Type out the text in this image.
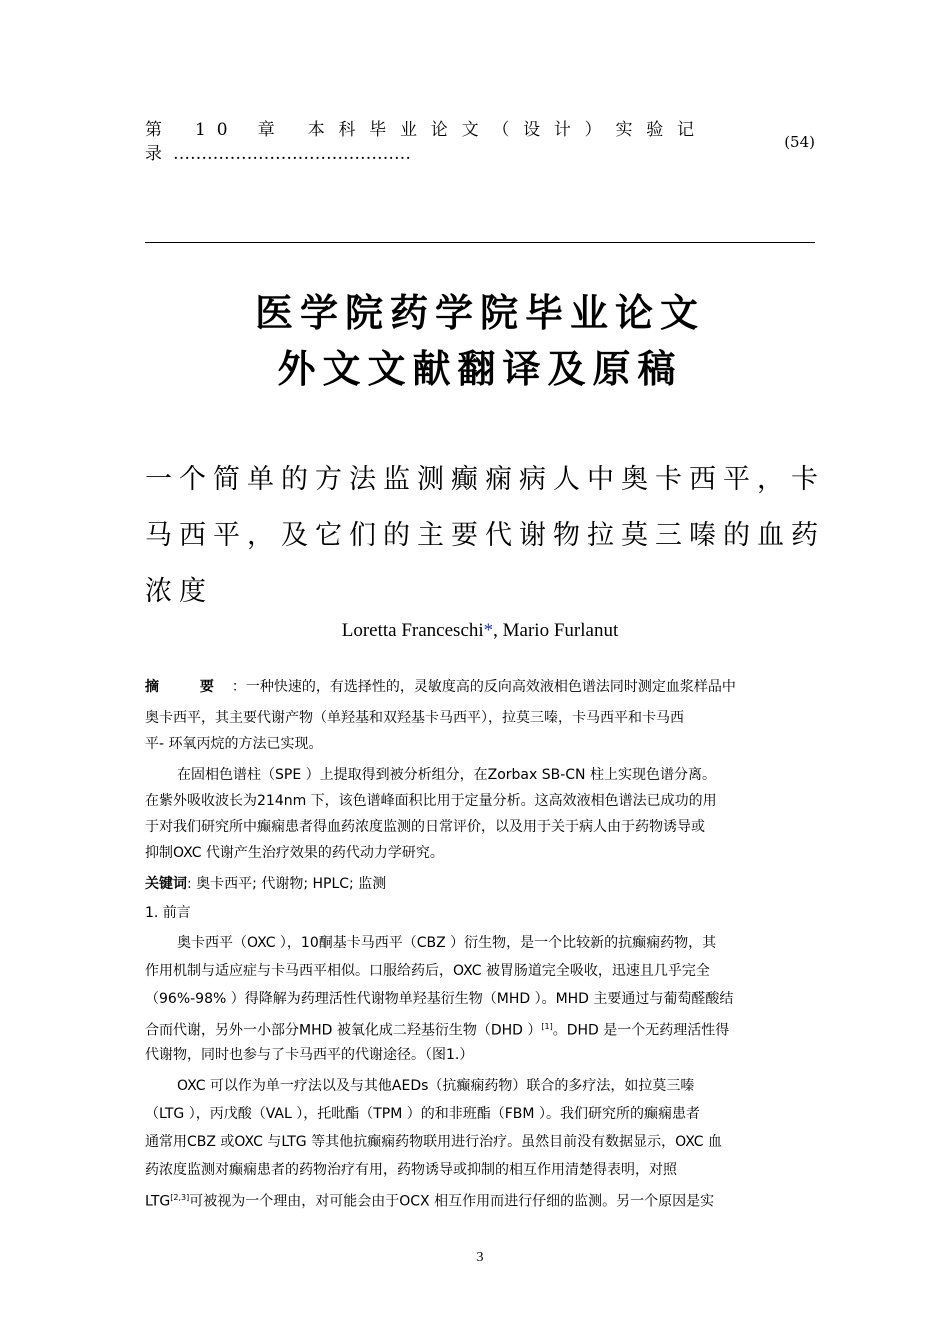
第 10 章 本科毕业论文（设计）实验记录……………………………………
(54)
医学院药学院毕业论文
外文文献翻译及原稿
一个简单的方法监测癫痫病人中奥卡西平，卡
马西平，及它们的主要代谢物拉莫三嗪的血药
浓度
Loretta Franceschi*, Mario Furlanut
摘 要：一种快速的，有选择性的，灵敏度高的反向高效液相色谱法同时测定血浆样品中
奥卡西平，其主要代谢产物（单羟基和双羟基卡马西平），拉莫三嗪，卡马西平和卡马西
平- 环氧丙烷的方法已实现。
在固相色谱柱（SPE ）上提取得到被分析组分，在Zorbax SB-CN 柱上实现色谱分离。
在紫外吸收波长为214nm 下，该色谱峰面积比用于定量分析。这高效液相色谱法已成功的用
于对我们研究所中癫痫患者得血药浓度监测的日常评价，以及用于关于病人由于药物诱导或
抑制OXC 代谢产生治疗效果的药代动力学研究。
关键词: 奥卡西平; 代谢物; HPLC; 监测
1. 前言
奥卡西平（OXC ），10酮基卡马西平（CBZ ）衍生物，是一个比较新的抗癫痫药物，其
作用机制与适应症与卡马西平相似。口服给药后，OXC 被胃肠道完全吸收，迅速且几乎完全
（96%-98% ）得降解为药理活性代谢物单羟基衍生物（MHD ）。MHD 主要通过与葡萄醛酸结
合而代谢，另外一小部分MHD 被氧化成二羟基衍生物（DHD ）[1]。DHD 是一个无药理活性得
代谢物，同时也参与了卡马西平的代谢途径。（图1.）
OXC 可以作为单一疗法以及与其他AEDs（抗癫痫药物）联合的多疗法，如拉莫三嗪
（LTG ），丙戊酸（VAL ），托吡酯（TPM ）的和非班酯（FBM ）。我们研究所的癫痫患者
通常用CBZ 或OXC 与LTG 等其他抗癫痫药物联用进行治疗。虽然目前没有数据显示，OXC 血
药浓度监测对癫痫患者的药物治疗有用，药物诱导或抑制的相互作用清楚得表明，对照
LTG[2,3]可被视为一个理由，对可能会由于OCX 相互作用而进行仔细的监测。另一个原因是实
3
